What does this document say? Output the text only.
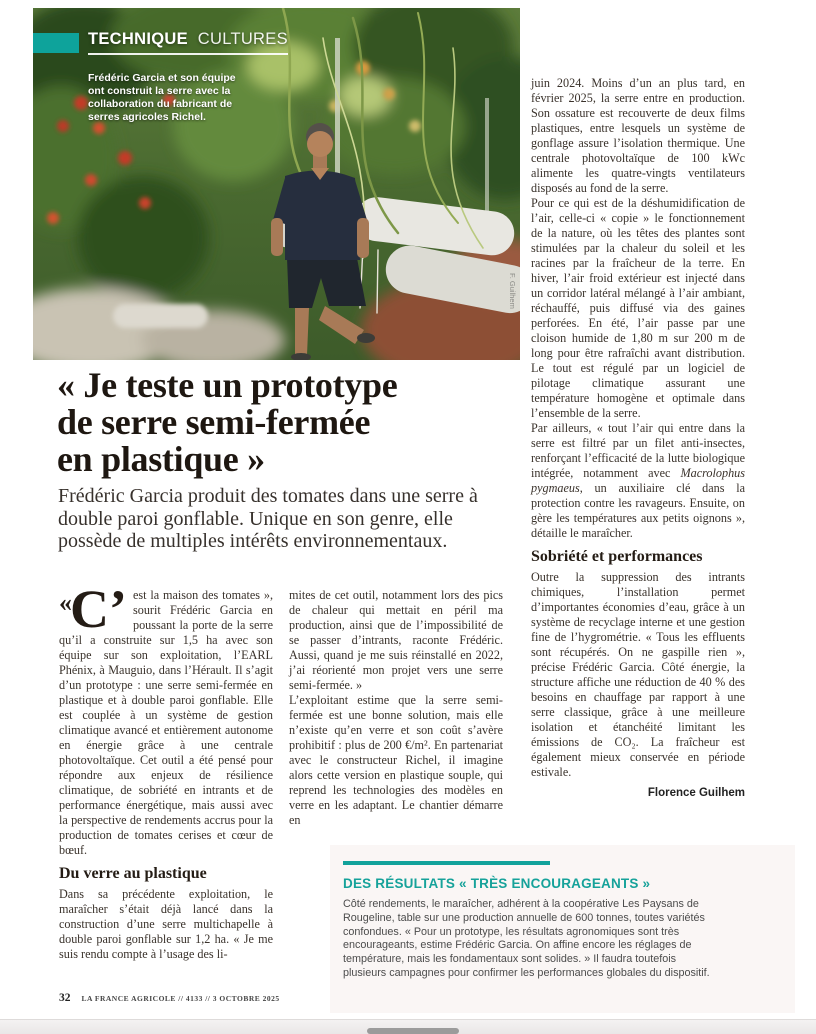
TECHNIQUE CULTURES
Frédéric Garcia et son équipe ont construit la serre avec la collaboration du fabricant de serres agricoles Richel.
F. Guilhem
« Je teste un prototype
de serre semi-fermée
en plastique »

Frédéric Garcia produit des tomates dans une serre à double paroi gonflable. Unique en son genre, elle possède de multiples intérêts environnementaux.

«C’ est la maison des tomates », sourit Frédéric Garcia en poussant la porte de la serre qu’il a construite sur 1,5 ha avec son équipe sur son exploitation, l’EARL Phénix, à Mauguio, dans l’Hérault. Il s’agit d’un prototype : une serre semi-fermée en plastique et à double paroi gonflable. Elle est couplée à un système de gestion climatique avancé et entièrement autonome en énergie grâce à une centrale photovoltaïque. Cet outil a été pensé pour répondre aux enjeux de résilience climatique, de sobriété en intrants et de performance énergétique, mais aussi avec la perspective de rendements accrus pour la production de tomates cerises et cœur de bœuf.

Du verre au plastique

Dans sa précédente exploitation, le maraîcher s’était déjà lancé dans la construction d’une serre multichapelle à double paroi gonflable sur 1,2 ha. « Je me suis rendu compte à l’usage des li-

mites de cet outil, notamment lors des pics de chaleur qui mettait en péril ma production, ainsi que de l’impossibilité de se passer d’intrants, raconte Frédéric. Aussi, quand je me suis réinstallé en 2022, j’ai réorienté mon projet vers une serre semi-fermée. »

L’exploitant estime que la serre semi-fermée est une bonne solution, mais elle n’existe qu’en verre et son coût s’avère prohibitif : plus de 200 €/m². En partenariat avec le constructeur Richel, il imagine alors cette version en plastique souple, qui reprend les technologies des modèles en verre en les adaptant. Le chantier démarre en

juin 2024. Moins d’un an plus tard, en février 2025, la serre entre en production. Son ossature est recouverte de deux films plastiques, entre lesquels un système de gonflage assure l’isolation thermique. Une centrale photovoltaïque de 100 kWc alimente les quatre-vingts ventilateurs disposés au fond de la serre.

Pour ce qui est de la déshumidification de l’air, celle-ci « copie » le fonctionnement de la nature, où les têtes des plantes sont stimulées par la chaleur du soleil et les racines par la fraîcheur de la terre. En hiver, l’air froid extérieur est injecté dans un corridor latéral mélangé à l’air ambiant, réchauffé, puis diffusé via des gaines perforées. En été, l’air passe par une cloison humide de 1,80 m sur 200 m de long pour être rafraîchi avant distribution. Le tout est régulé par un logiciel de pilotage climatique assurant une température homogène et optimale dans l’ensemble de la serre.

Par ailleurs, « tout l’air qui entre dans la serre est filtré par un filet anti-insectes, renforçant l’efficacité de la lutte biologique intégrée, notamment avec Macrolophus pygmaeus, un auxiliaire clé dans la protection contre les ravageurs. Ensuite, on gère les températures aux petits oignons », détaille le maraîcher.

Sobriété et performances

Outre la suppression des intrants chimiques, l’installation permet d’importantes économies d’eau, grâce à un système de recyclage interne et une gestion fine de l’hygrométrie. « Tous les effluents sont récupérés. On ne gaspille rien », précise Frédéric Garcia. Côté énergie, la structure affiche une réduction de 40 % des besoins en chauffage par rapport à une serre classique, grâce à une meilleure isolation et étanchéité limitant les émissions de CO₂. La fraîcheur est également mieux conservée en période estivale.

Florence Guilhem
DES RÉSULTATS « TRÈS ENCOURAGEANTS »
Côté rendements, le maraîcher, adhérent à la coopérative Les Paysans de Rougeline, table sur une production annuelle de 600 tonnes, toutes variétés confondues. « Pour un prototype, les résultats agronomiques sont très encourageants, estime Frédéric Garcia. On affine encore les réglages de température, mais les fondamentaux sont solides. » Il faudra toutefois plusieurs campagnes pour confirmer les performances globales du dispositif.
32 LA FRANCE AGRICOLE // 4133 // 3 OCTOBRE 2025
